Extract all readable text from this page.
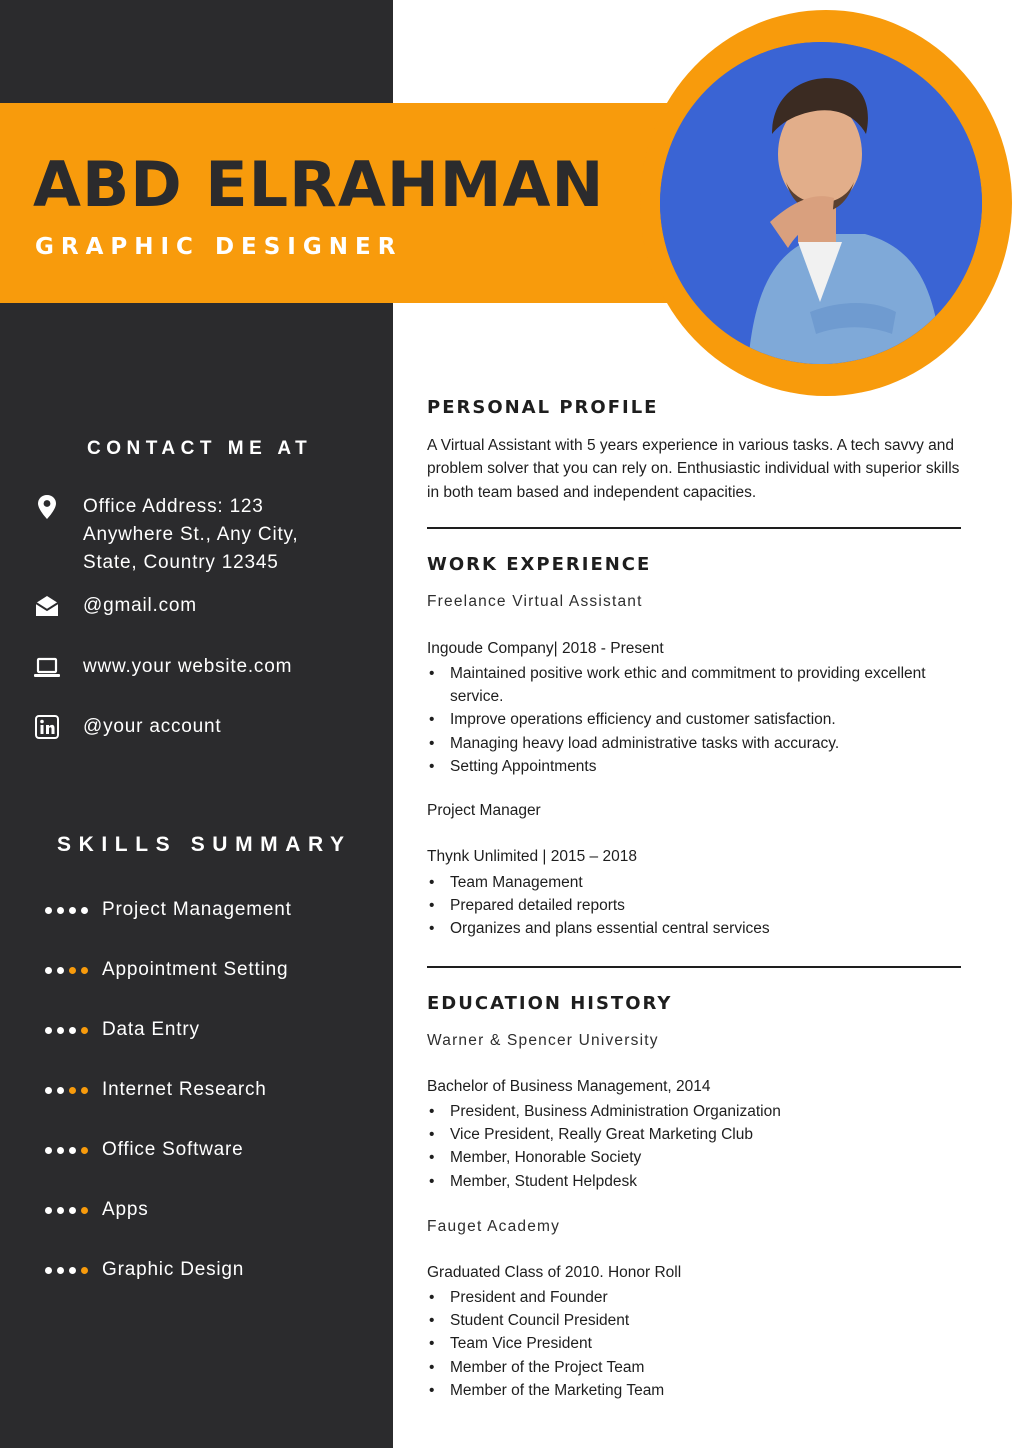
ABD ELRAHMAN
GRAPHIC DESIGNER
CONTACT ME AT
Office Address: 123
Anywhere St., Any City,
State, Country 12345
@gmail.com
www.your website.com
@your account
SKILLS SUMMARY
Project Management
Appointment Setting
Data Entry
Internet Research
Office Software
Apps
Graphic Design
PERSONAL PROFILE
A Virtual Assistant with 5 years experience in various tasks. A tech savvy and problem solver that you can rely on. Enthusiastic individual with superior skills in both team based and independent capacities.
WORK EXPERIENCE
Freelance Virtual Assistant
Ingoude Company| 2018 - Present
• Maintained positive work ethic and commitment to providing excellent service.
• Improve operations efficiency and customer satisfaction.
• Managing heavy load administrative tasks with accuracy.
• Setting Appointments
Project Manager
Thynk Unlimited | 2015 – 2018
• Team Management
• Prepared detailed reports
• Organizes and plans essential central services
EDUCATION HISTORY
Warner & Spencer University
Bachelor of Business Management, 2014
• President, Business Administration Organization
• Vice President, Really Great Marketing Club
• Member, Honorable Society
• Member, Student Helpdesk
Fauget Academy
Graduated Class of 2010. Honor Roll
• President and Founder
• Student Council President
• Team Vice President
• Member of the Project Team
• Member of the Marketing Team
